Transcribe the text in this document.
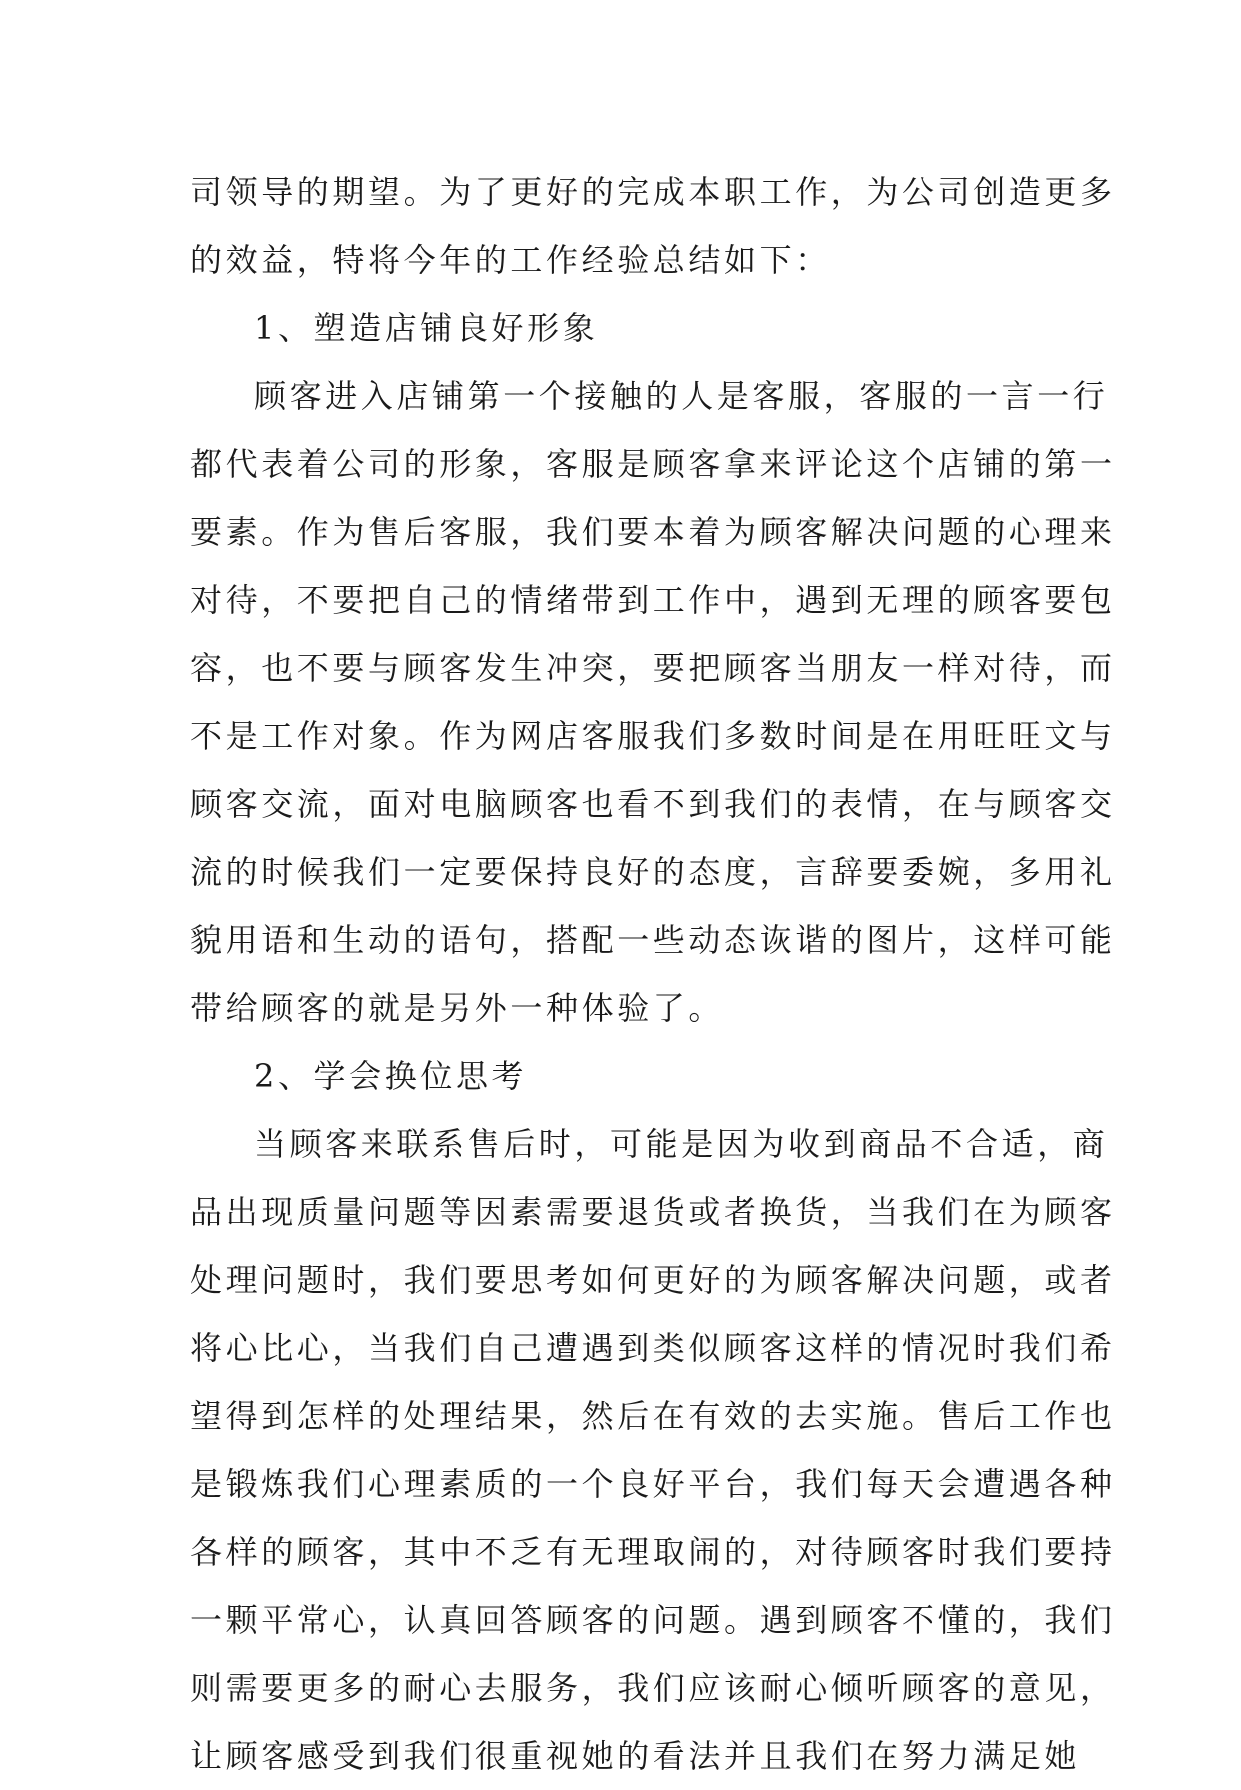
司领导的期望。为了更好的完成本职工作，为公司创造更多
的效益，特将今年的工作经验总结如下：
1、塑造店铺良好形象
顾客进入店铺第一个接触的人是客服，客服的一言一行
都代表着公司的形象，客服是顾客拿来评论这个店铺的第一
要素。作为售后客服，我们要本着为顾客解决问题的心理来
对待，不要把自己的情绪带到工作中，遇到无理的顾客要包
容，也不要与顾客发生冲突，要把顾客当朋友一样对待，而
不是工作对象。作为网店客服我们多数时间是在用旺旺文与
顾客交流，面对电脑顾客也看不到我们的表情，在与顾客交
流的时候我们一定要保持良好的态度，言辞要委婉，多用礼
貌用语和生动的语句，搭配一些动态诙谐的图片，这样可能
带给顾客的就是另外一种体验了。
2、学会换位思考
当顾客来联系售后时，可能是因为收到商品不合适，商
品出现质量问题等因素需要退货或者换货，当我们在为顾客
处理问题时，我们要思考如何更好的为顾客解决问题，或者
将心比心，当我们自己遭遇到类似顾客这样的情况时我们希
望得到怎样的处理结果，然后在有效的去实施。售后工作也
是锻炼我们心理素质的一个良好平台，我们每天会遭遇各种
各样的顾客，其中不乏有无理取闹的，对待顾客时我们要持
一颗平常心，认真回答顾客的问题。遇到顾客不懂的，我们
则需要更多的耐心去服务，我们应该耐心倾听顾客的意见，
让顾客感受到我们很重视她的看法并且我们在努力满足她
